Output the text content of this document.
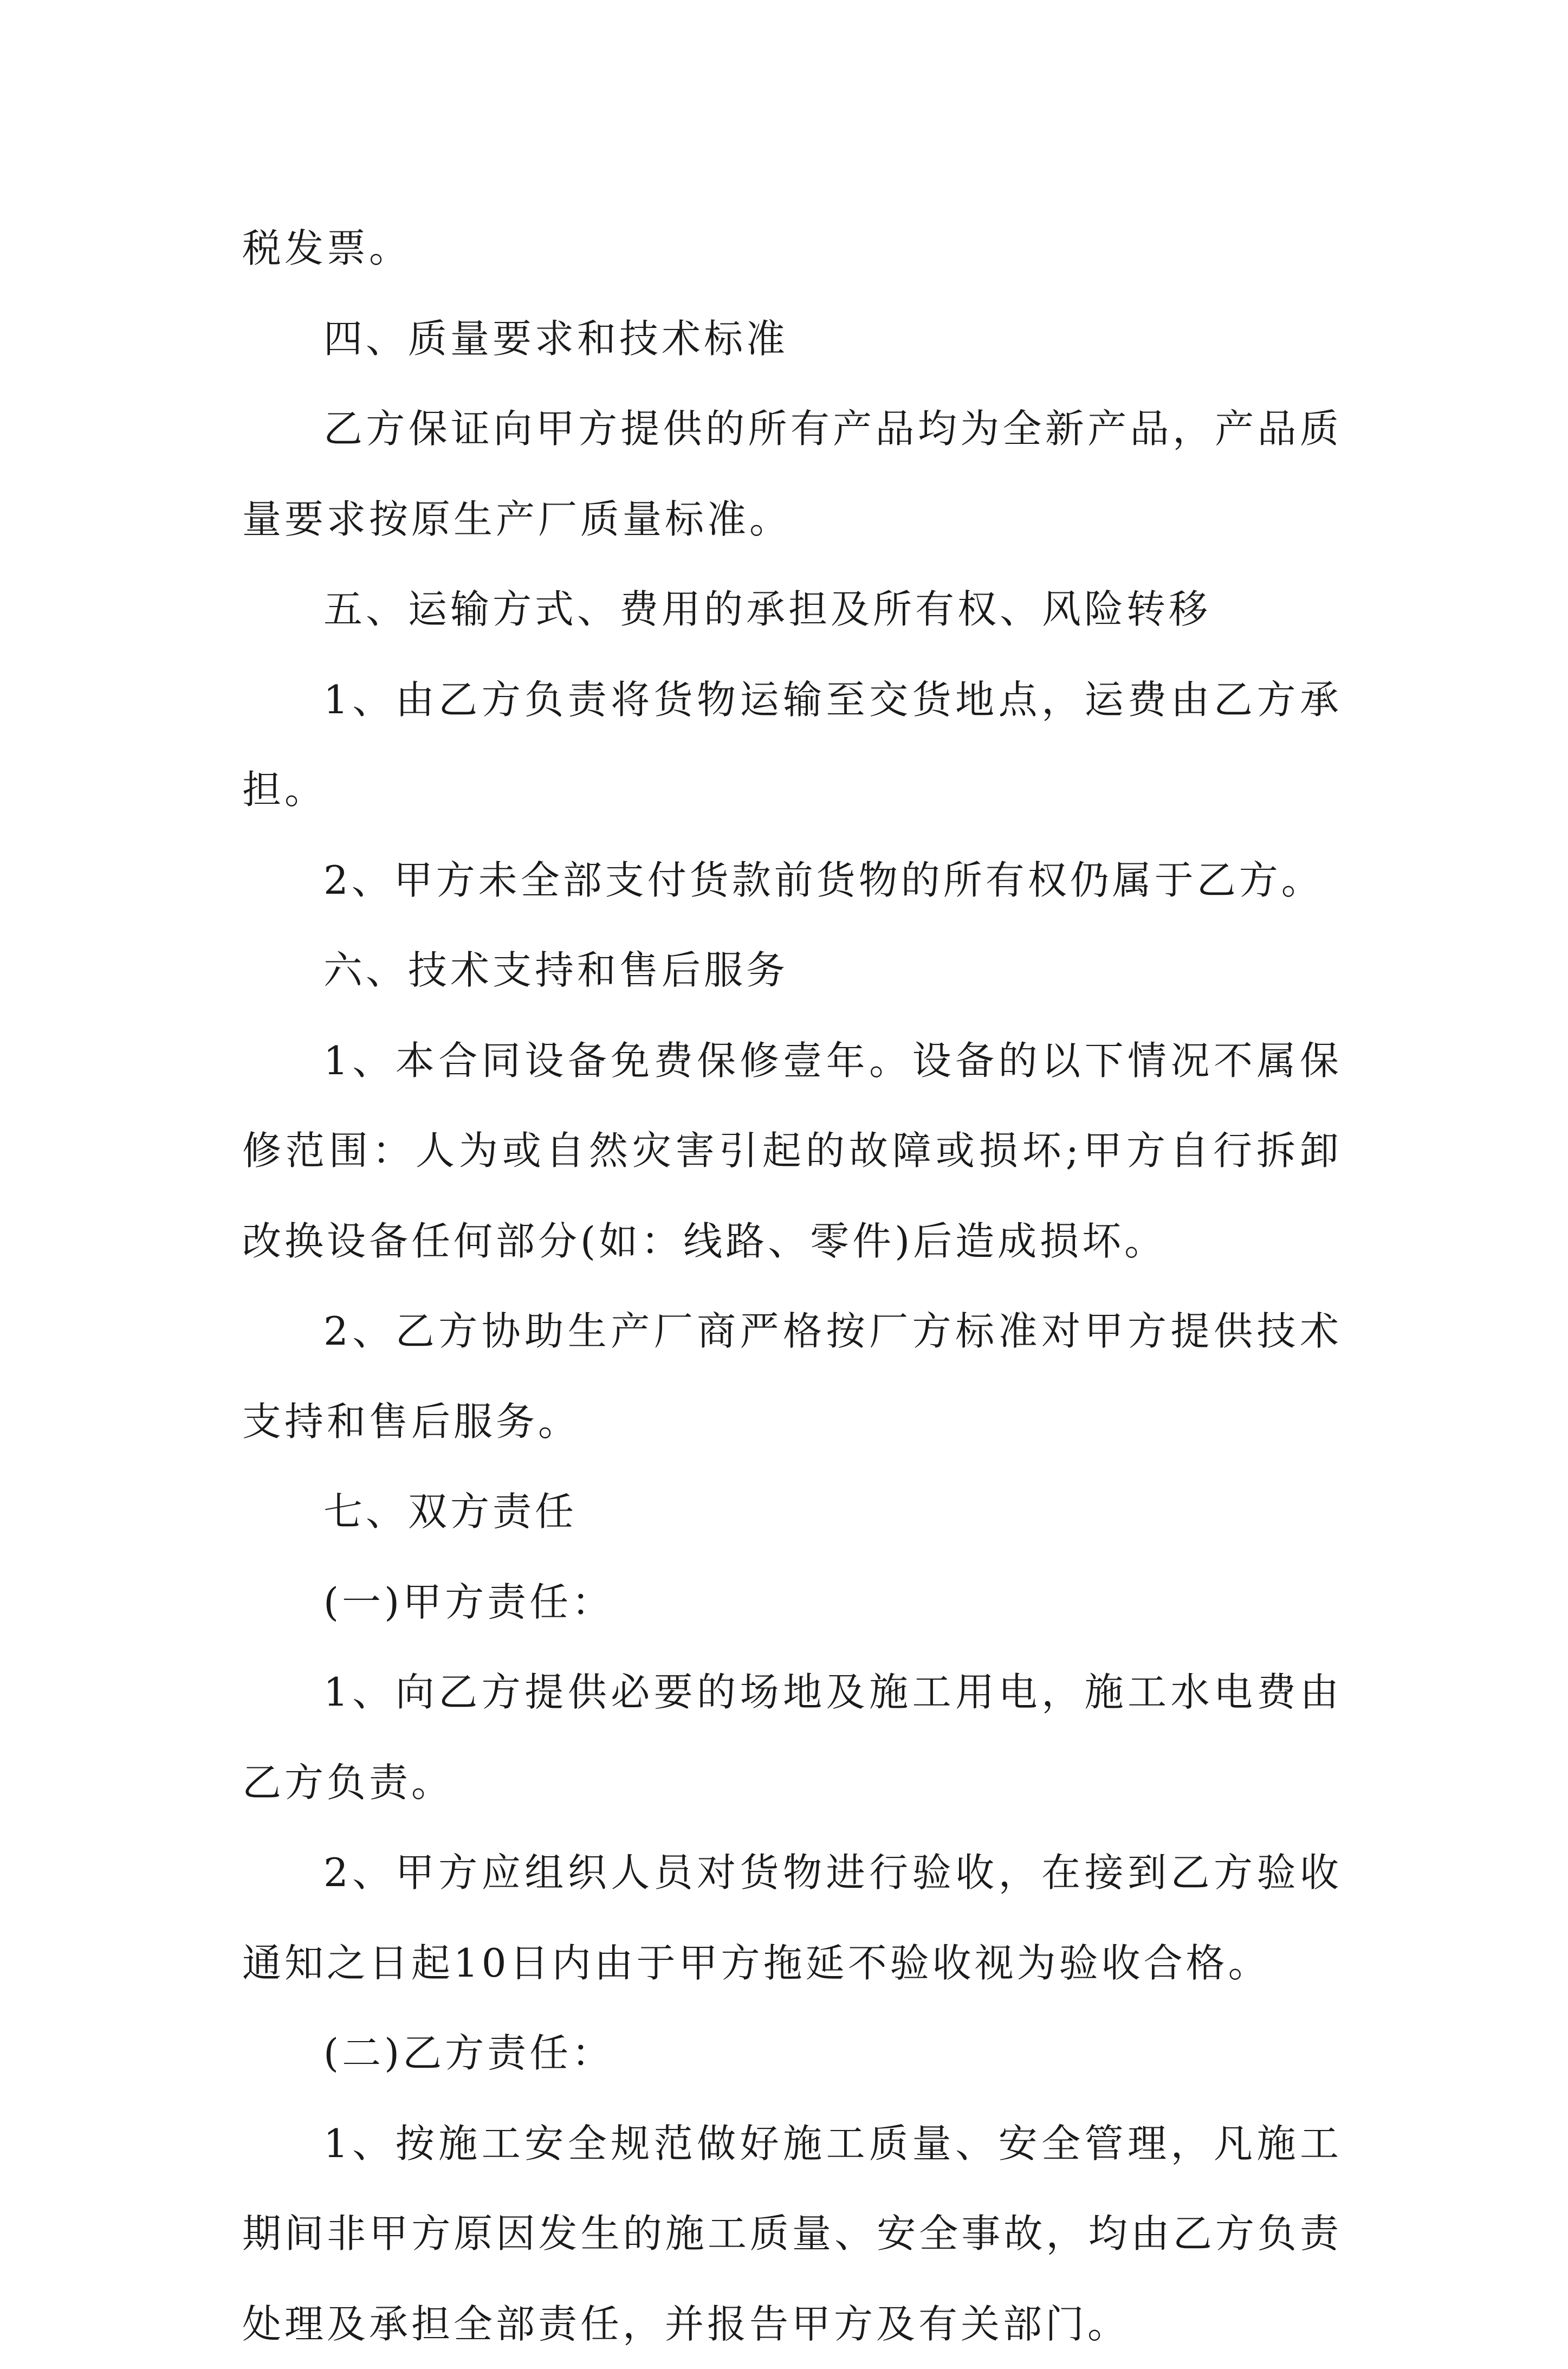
税发票。

四、质量要求和技术标准

乙方保证向甲方提供的所有产品均为全新产品，产品质量要求按原生产厂质量标准。

五、运输方式、费用的承担及所有权、风险转移

1、由乙方负责将货物运输至交货地点，运费由乙方承担。

2、甲方未全部支付货款前货物的所有权仍属于乙方。

六、技术支持和售后服务

1、本合同设备免费保修壹年。设备的以下情况不属保修范围：人为或自然灾害引起的故障或损坏;甲方自行拆卸改换设备任何部分(如：线路、零件)后造成损坏。

2、乙方协助生产厂商严格按厂方标准对甲方提供技术支持和售后服务。

七、双方责任

(一)甲方责任：

1、向乙方提供必要的场地及施工用电，施工水电费由乙方负责。

2、甲方应组织人员对货物进行验收，在接到乙方验收通知之日起10日内由于甲方拖延不验收视为验收合格。

(二)乙方责任：

1、按施工安全规范做好施工质量、安全管理，凡施工期间非甲方原因发生的施工质量、安全事故，均由乙方负责处理及承担全部责任，并报告甲方及有关部门。
